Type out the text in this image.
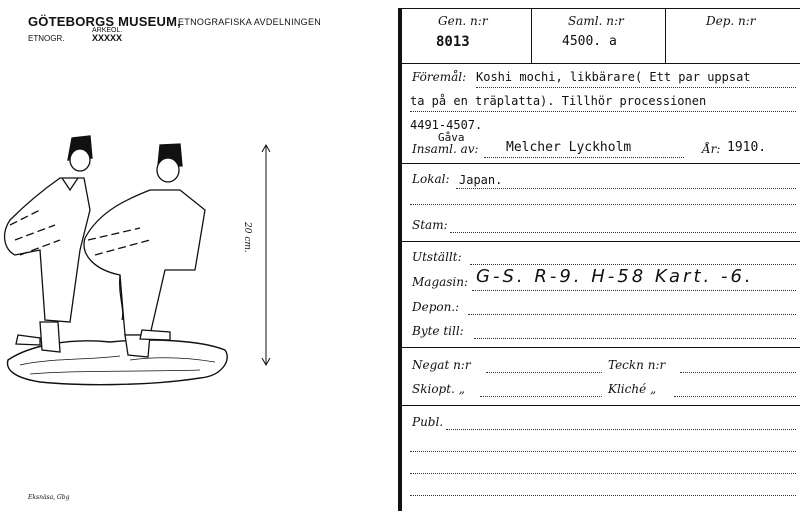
GÖTEBORGS MUSEUM,
ETNOGRAFISKA AVDELNINGEN
ETNOGR.
ARKEOL.
XXXXX
20 cm.
Eksnäsa, Gbg
Gen. n:r
8013
Saml. n:r
4500. a
Dep. n:r
Föremål: Koshi mochi, likbärare( Ett par uppsat
ta på en träplatta). Tillhör processionen
4491-4507.
Gåva
Insaml. av: Melcher Lyckholm	År: 1910.
Lokal: Japan.
Stam:
Utställt:
Magasin: G-S. R-9. H-58 Kart. -6.
Depon.:
Byte till:
Negat n:r	Teckn n:r
Skiopt. „	Kliché „
Publ.
